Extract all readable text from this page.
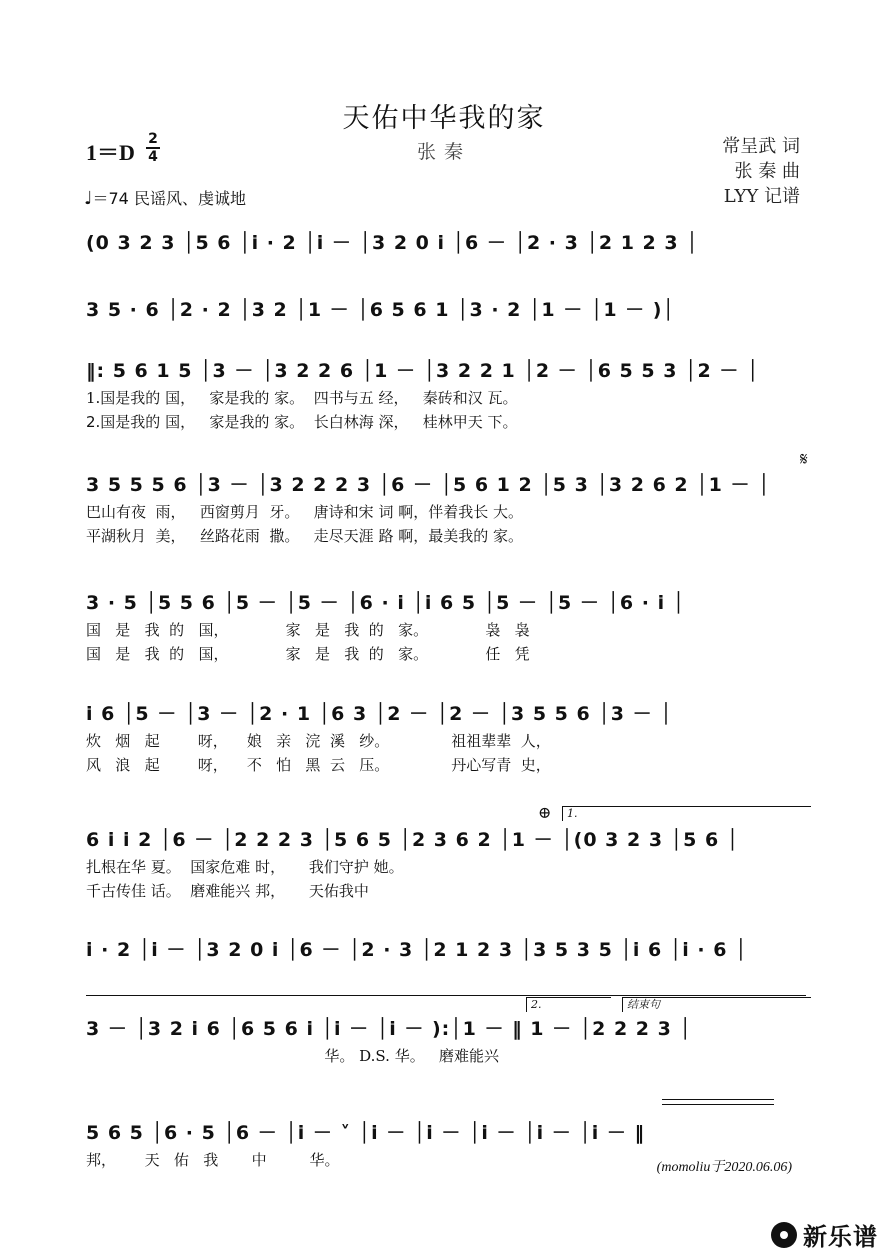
天佑中华我的家
1＝D
2
4	张秦	常呈武 词
张 秦 曲
LYY 记谱
♩＝74 民谣风、虔诚地
(0 3 2 3 │5 6 │i · 2 │i － │3 2 0 i │6 － │2 · 3 │2 1 2 3 │
3 5 · 6 │2 · 2 │3 2 │1 － │6 5 6 1 │3 · 2 │1 － │1 － )│
‖: 5 6 1 5 │3 － │3 2 2 6 │1 － │3 2 2 1 │2 － │6 5 5 3 │2 － │
1.国是我的 国，   家是我的 家。  四书与五 经，   秦砖和汉 瓦。
2.国是我的 国，   家是我的 家。  长白林海 深，   桂林甲天 下。
3 5 5 5 6 │3 － │3 2 2 2 3 │6 － │5 6 1 2 │5 3 │3 2 6 2 │1 － │
巴山有夜  雨，   西窗剪月  牙。   唐诗和宋 词 啊，伴着我长 大。
平湖秋月  美，   丝路花雨  撒。   走尽天涯 路 啊，最美我的 家。
3 · 5 │5 5 6 │5 － │5 － │6 · i │i 6 5 │5 － │5 － │6 · i │
国   是   我  的   国，            家   是   我  的   家。            袅   袅
国   是   我  的   国，            家   是   我  的   家。            任   凭
i 6 │5 － │3 － │2 · 1 │6 3 │2 － │2 － │3 5 5 6 │3 － │
炊   烟   起        呀，    娘   亲   浣  溪   纱。             祖祖辈辈  人，
风   浪   起        呀，    不   怕   黑  云   压。             丹心写青  史，
6 i i 2 │6 － │2 2 2 3 │5 6 5 │2 3 6 2 │1 － │(0 3 2 3 │5 6 │
扎根在华 夏。  国家危难 时，     我们守护 她。
千古传佳 话。  磨难能兴 邦，     天佑我中
i · 2 │i － │3 2 0 i │6 － │2 · 3 │2 1 2 3 │3 5 3 5 │i 6 │i · 6 │
3 － │3 2 i 6 │6 5 6 i │i － │i － ):│1 － ‖ 1 － │2 2 2 3 │
华。 D.S. 华。   磨难能兴
5 6 5 │6 · 5 │6 － │i － ˅ │i － │i － │i － │i － │i － ‖
邦，      天   佑   我       中         华。
𝄋
⊕	1.
2.	结束句
(momoliu于2020.06.06)
新乐谱
